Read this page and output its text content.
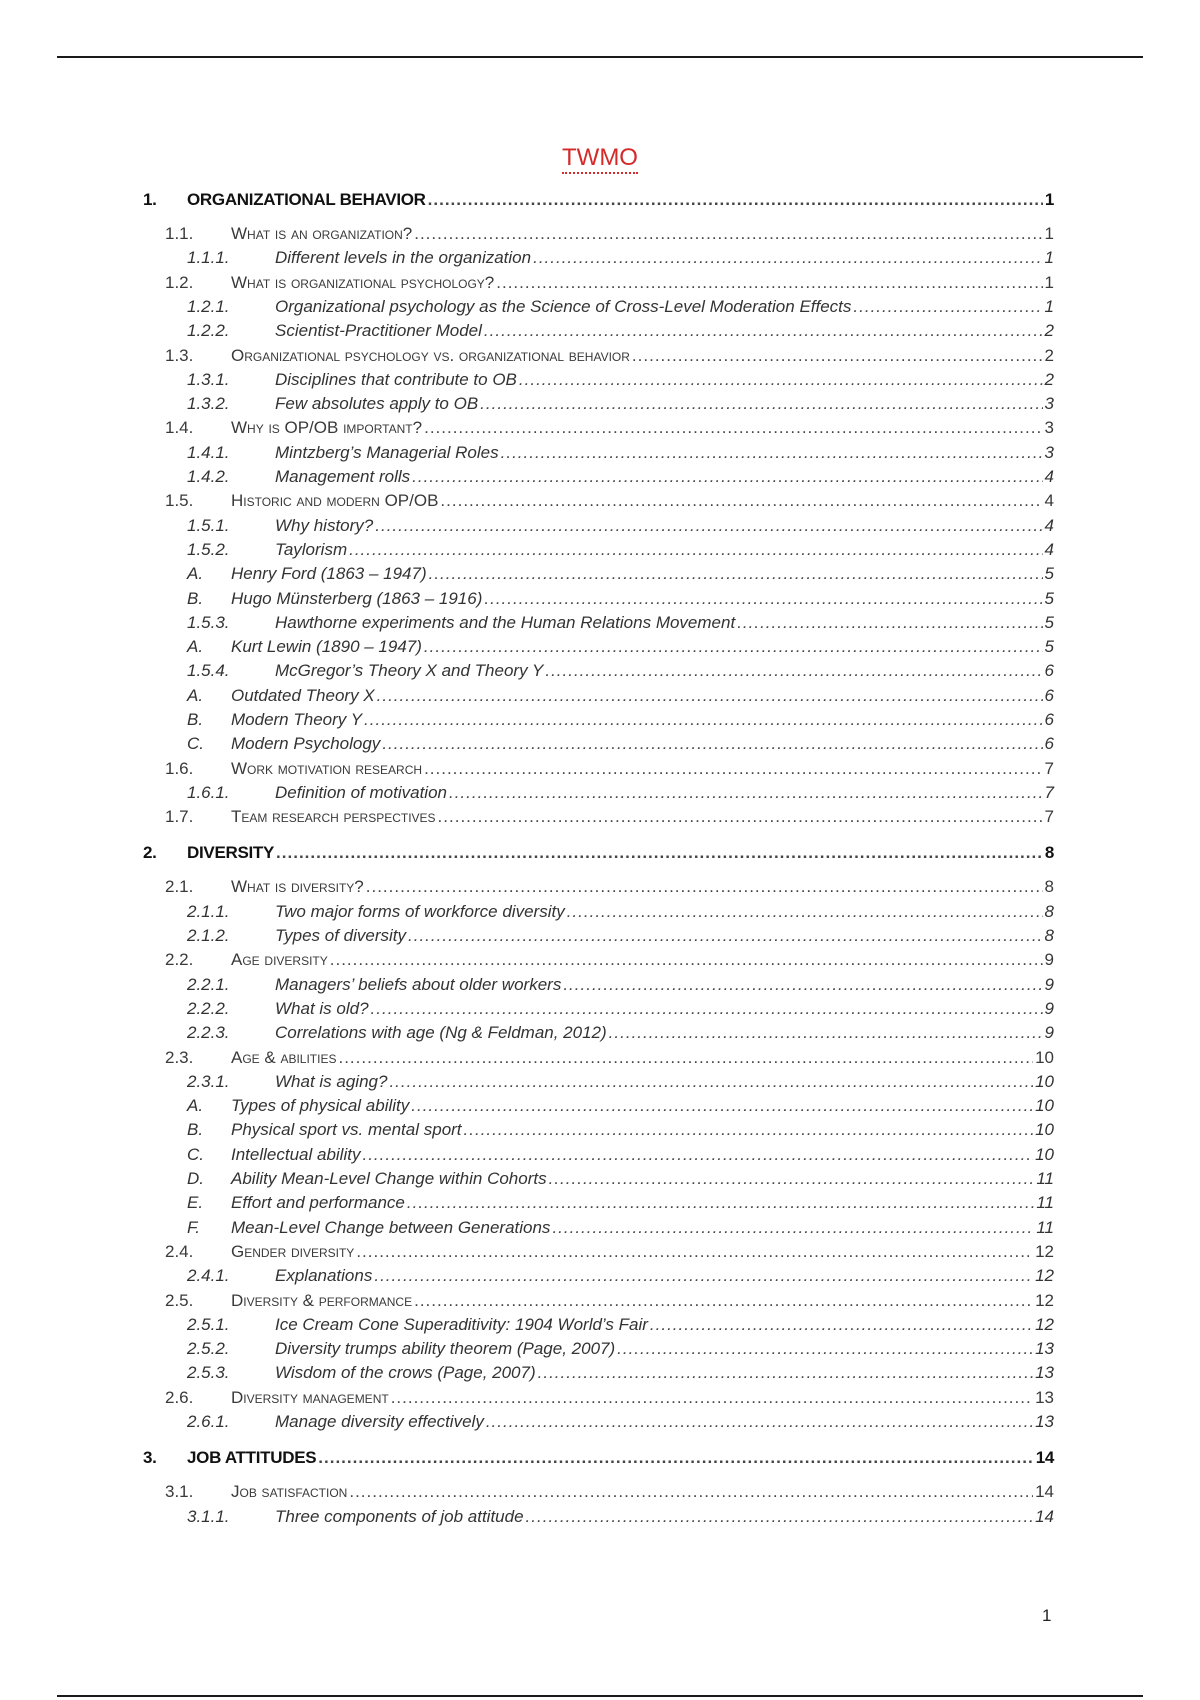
TWMO
1. ORGANIZATIONAL BEHAVIOR .....	1
1.1. What is an organization? .....	1
1.1.1.	Different levels in the organization .....	1
1.2. What is organizational psychology? .....	1
1.2.1.	Organizational psychology as the Science of Cross-Level Moderation Effects .....	1
1.2.2.	Scientist-Practitioner Model .....	2
1.3. Organizational psychology vs. organizational behavior .....	2
1.3.1.	Disciplines that contribute to OB .....	2
1.3.2.	Few absolutes apply to OB .....	3
1.4. Why is OP/OB important? .....	3
1.4.1.	Mintzberg’s Managerial Roles .....	3
1.4.2.	Management rolls .....	4
1.5. Historic and modern OP/OB .....	4
1.5.1.	Why history? .....	4
1.5.2.	Taylorism .....	4
A. Henry Ford (1863 – 1947) .....	5
B. Hugo Münsterberg (1863 – 1916) .....	5
1.5.3.	Hawthorne experiments and the Human Relations Movement .....	5
A. Kurt Lewin (1890 – 1947) .....	5
1.5.4.	McGregor’s Theory X and Theory Y .....	6
A. Outdated Theory X .....	6
B. Modern Theory Y .....	6
C. Modern Psychology .....	6
1.6. Work motivation research .....	7
1.6.1.	Definition of motivation .....	7
1.7. Team research perspectives .....	7
2. DIVERSITY .....	8
2.1. What is diversity? .....	8
2.1.1.	Two major forms of workforce diversity .....	8
2.1.2.	Types of diversity .....	8
2.2. Age diversity .....	9
2.2.1.	Managers’ beliefs about older workers .....	9
2.2.2.	What is old? .....	9
2.2.3.	Correlations with age (Ng & Feldman, 2012) .....	9
2.3. Age & abilities .....	10
2.3.1.	What is aging? .....	10
A. Types of physical ability .....	10
B. Physical sport vs. mental sport .....	10
C. Intellectual ability .....	10
D. Ability Mean-Level Change within Cohorts .....	11
E. Effort and performance .....	11
F. Mean-Level Change between Generations .....	11
2.4. Gender diversity .....	12
2.4.1.	Explanations .....	12
2.5. Diversity & performance .....	12
2.5.1.	Ice Cream Cone Superaditivity: 1904 World’s Fair .....	12
2.5.2.	Diversity trumps ability theorem (Page, 2007) .....	13
2.5.3.	Wisdom of the crows (Page, 2007) .....	13
2.6. Diversity management .....	13
2.6.1.	Manage diversity effectively .....	13
3. JOB ATTITUDES .....	14
3.1. Job satisfaction .....	14
3.1.1.	Three components of job attitude .....	14
1
